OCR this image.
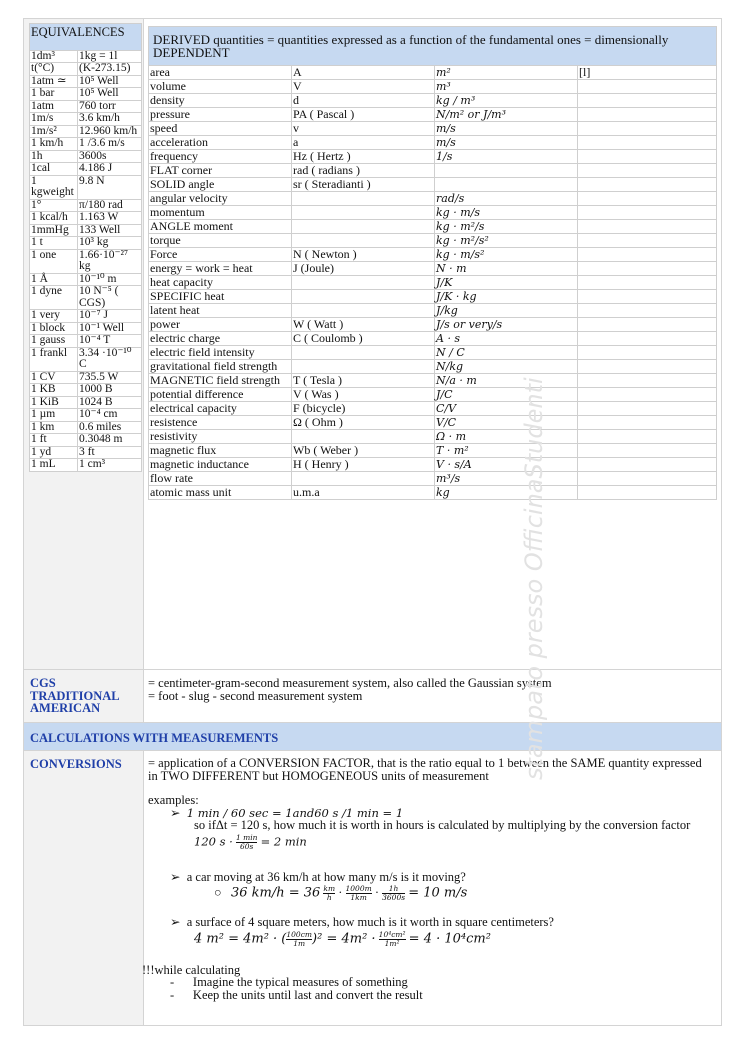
EQUIVALENCES	
1dm³	1kg = 1l
t(°C)	(K-273.15)
1atm ≃	10⁵ Well
1 bar	10⁵ Well
1atm	760 torr
1m/s	3.6 km/h
1m/s²	12.960 km/h
1 km/h	1 /3.6 m/s
1h	3600s
1cal	4.186 J
1 kgweight	9.8 N
1°	π/180 rad
1 kcal/h	1.163 W
1mmHg	133 Well
1 t	10³ kg
1 one	1.66·10⁻²⁷ kg
1 Å	10⁻¹⁰ m
1 dyne	10 N⁻⁵ ( CGS)
1 very	10⁻⁷ J
1 block	10⁻¹ Well
1 gauss	10⁻⁴ T
1 frankl	3.34 ·10⁻¹⁰ C
1 CV	735.5 W
1 KB	1000 B
1 KiB	1024 B
1 µm	10⁻⁴ cm
1 km	0.6 miles
1 ft	0.3048 m
1 yd	3 ft
1 mL	1 cm³
DERIVED quantities = quantities expressed as a function of the fundamental ones = dimensionally DEPENDENT			
area	A	m²	[l]
volume	V	m³	
density	d	kg / m³	
pressure	PA ( Pascal )	N/m² or J/m³	
speed	v	m/s	
acceleration	a	m/s	
frequency	Hz ( Hertz )	1/s	
FLAT corner	rad ( radians )		
SOLID angle	sr ( Steradianti )		
angular velocity		rad/s	
momentum		kg · m/s	
ANGLE moment		kg · m²/s	
torque		kg · m²/s²	
Force	N ( Newton )	kg · m/s²	
energy = work = heat	J (Joule)	N · m	
heat capacity		J/K	
SPECIFIC heat		J/K · kg	
latent heat		J/kg	
power	W ( Watt )	J/s or very/s	
electric charge	C ( Coulomb )	A · s	
electric field intensity		N / C	
gravitational field strength		N/kg	
MAGNETIC field strength	T ( Tesla )	N/a · m	
potential difference	V ( Was )	J/C	
electrical capacity	F (bicycle)	C/V	
resistence	Ω ( Ohm )	V/C	
resistivity		Ω · m	
magnetic flux	Wb ( Weber )	T · m²	
magnetic inductance	H ( Henry )	V · s/A	
flow rate		m³/s	
atomic mass unit	u.m.a	kg	
CGS
TRADITIONAL AMERICAN
= centimeter-gram-second measurement system, also called the Gaussian system
= foot - slug - second measurement system
CALCULATIONS WITH MEASUREMENTS
CONVERSIONS = application of a CONVERSION FACTOR, that is the ratio equal to 1 between the SAME quantity expressed in TWO DIFFERENT but HOMOGENEOUS units of measurement

examples:

➢ 1 min / 60 sec = 1and60 s /1 min = 1

so ifΔt = 120 s, how much it is worth in hours is calculated by multiplying by the conversion factor

120 $s \cdot \frac{1 \min}{60s} = 2$ min

➢ a car moving at 36 km/h at how many m/s is it moving?

○ 36 $km/h = 36 \frac{km}{h} \cdot \frac{1000m}{1km} \cdot \frac{1h}{3600s} = 10$ m/s

➢ a surface of 4 square meters, how much is it worth in square centimeters?

4 m² = 4m² · ( $\frac{100cm}{1m} )^2 = 4m^2 \cdot \frac{\text{10⁴cm²}}{\text{1m²}} = 4 \cdot 10^4cm^2$

!!!while calculating

-      Imagine the typical measures of something

-      Keep the units until last and convert the result

stampato presso OfficinaStudenti
